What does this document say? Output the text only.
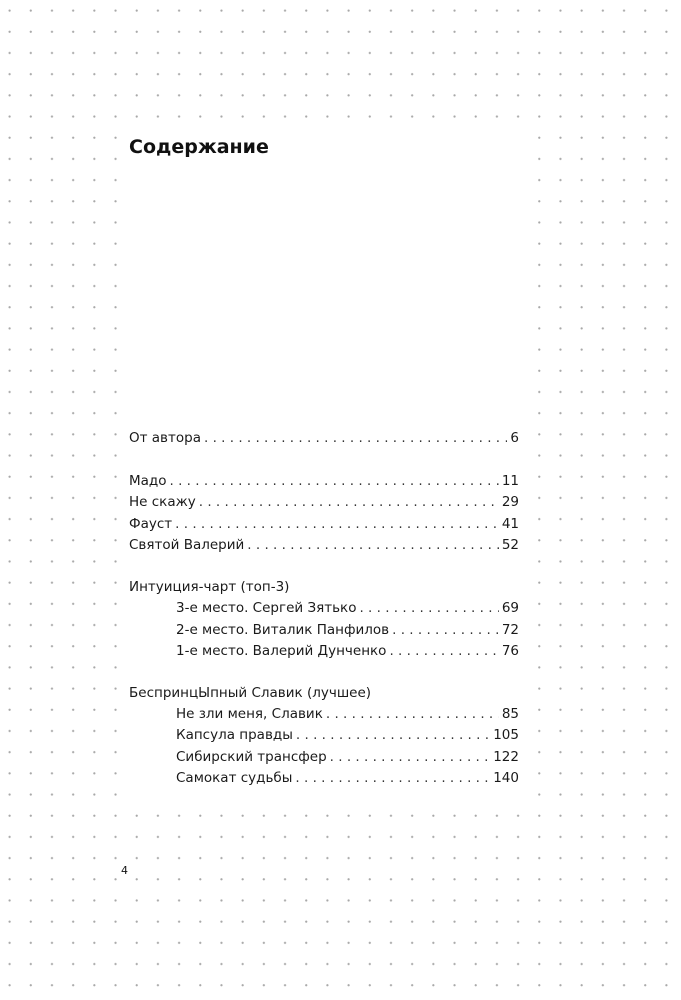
Содержание
От автора . . .	6
Мадо . . .	11
Не скажу . . .	29
Фауст . . .	41
Святой Валерий . . .	52
Интуиция-чарт (топ-3)
3-е место. Сергей Зятько . . .	69
2-е место. Виталик Панфилов . . .	72
1-е место. Валерий Дунченко . . .	76
БеспринцЫпный Славик (лучшее)
Не зли меня, Славик . . .	85
Капсула правды . . .	105
Сибирский трансфер . . .	122
Самокат судьбы . . .	140
4
